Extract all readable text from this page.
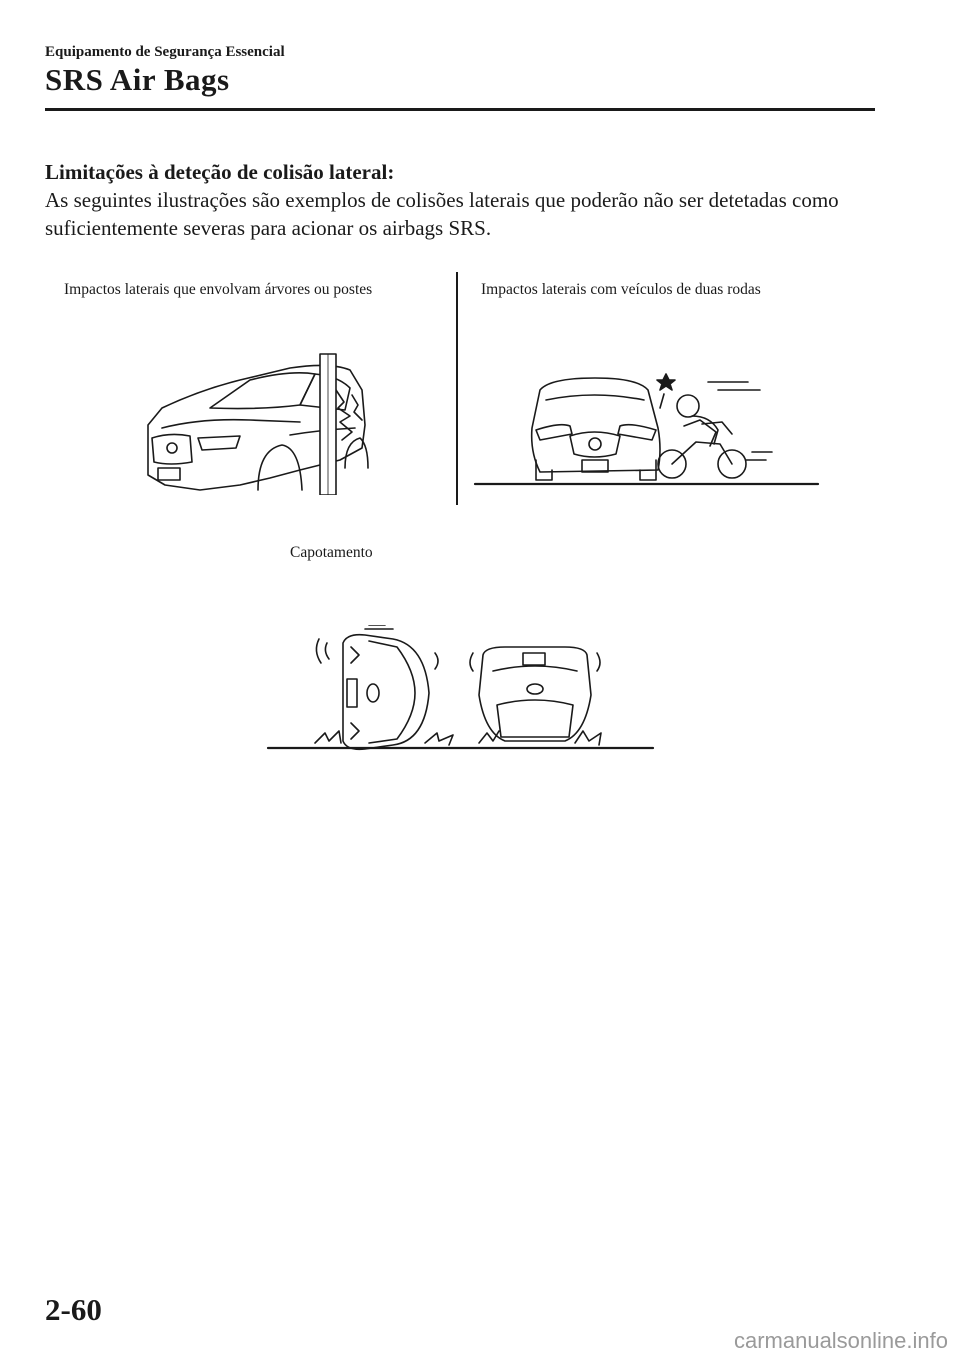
Equipamento de Segurança Essencial

SRS Air Bags
Limitações à deteção de colisão lateral:

As seguintes ilustrações são exemplos de colisões laterais que poderão não ser detetadas como suficientemente severas para acionar os airbags SRS.

Impactos laterais que envolvam árvores ou postes	Impactos laterais com veículos de duas rodas

Capotamento

2-60

carmanualsonline.info
